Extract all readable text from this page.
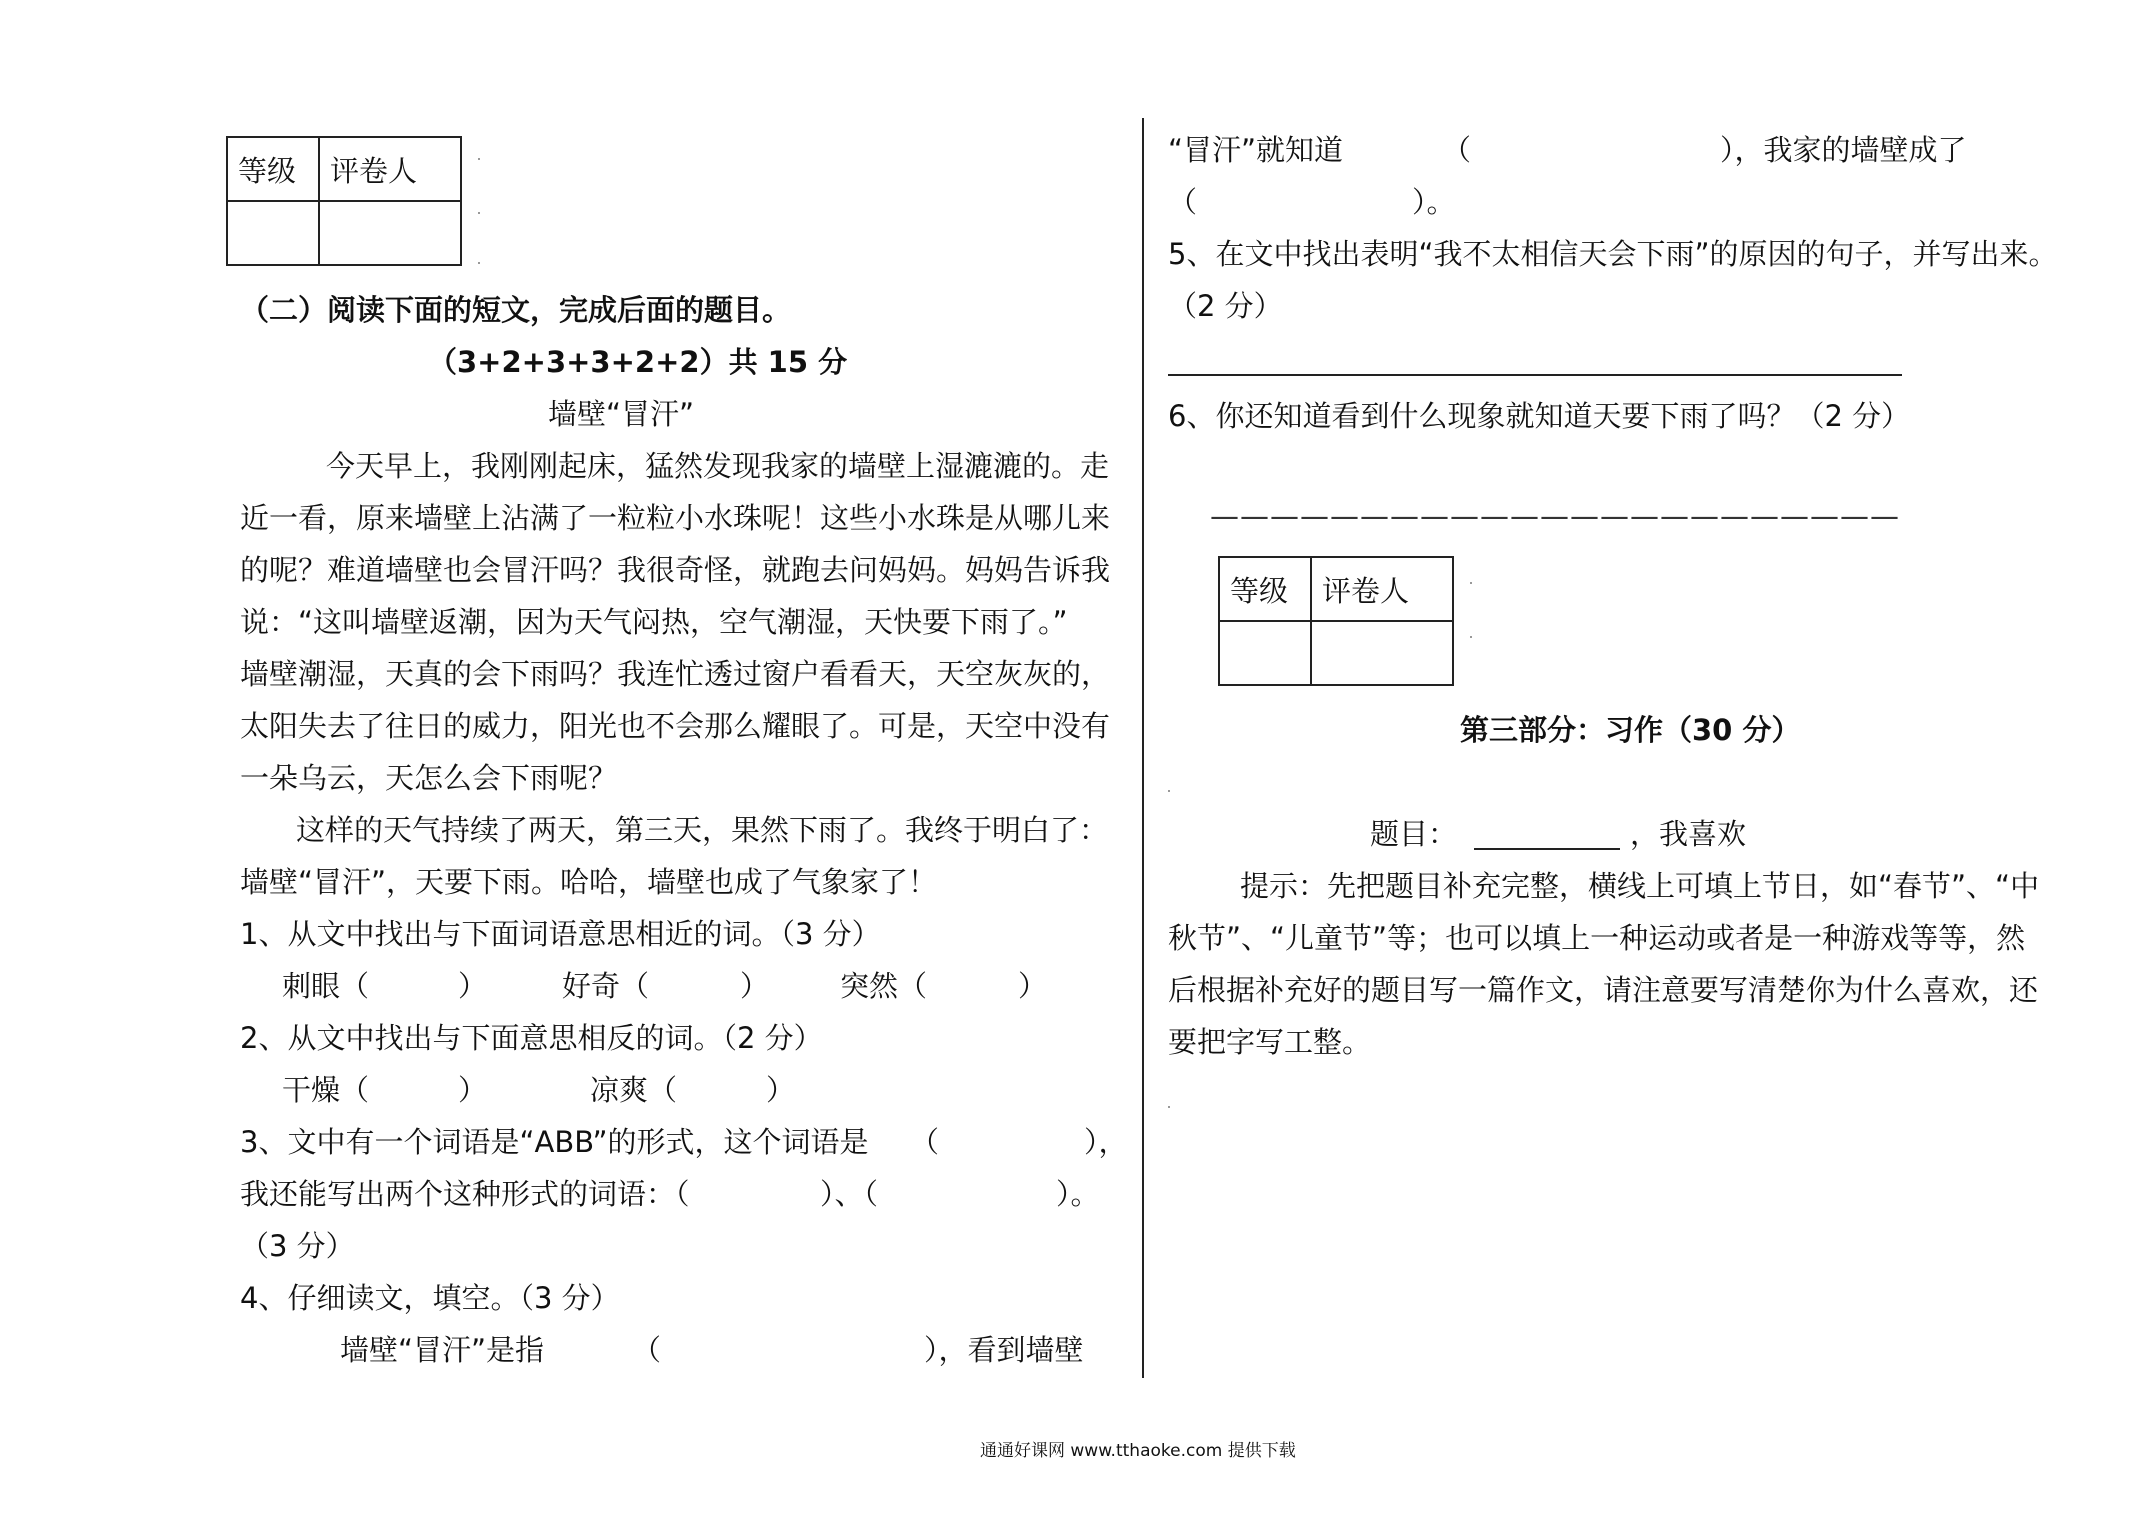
等级	评卷人

（二）阅读下面的短文，完成后面的题目。
（3+2+3+3+2+2）共 15 分
墙壁“冒汗”
今天早上，我刚刚起床，猛然发现我家的墙壁上湿漉漉的。走
近一看，原来墙壁上沾满了一粒粒小水珠呢！这些小水珠是从哪儿来
的呢？难道墙壁也会冒汗吗？我很奇怪，就跑去问妈妈。妈妈告诉我
说：“这叫墙壁返潮，因为天气闷热，空气潮湿，天快要下雨了。”
墙壁潮湿，天真的会下雨吗？我连忙透过窗户看看天，天空灰灰的，
太阳失去了往日的威力，阳光也不会那么耀眼了。可是，天空中没有
一朵乌云，天怎么会下雨呢？
这样的天气持续了两天，第三天，果然下雨了。我终于明白了：
墙壁“冒汗”，天要下雨。哈哈，墙壁也成了气象家了！
1、从文中找出与下面词语意思相近的词。（3 分）
刺眼（	）	好奇（	） 突然（	）
2、从文中找出与下面意思相反的词。（2 分）
干燥（	）	凉爽（	）
3、文中有一个词语是“ABB”的形式，这个词语是 （　　　　　），
我还能写出两个这种形式的词语：（	）、（	）。
（3 分）
4、仔细读文，填空。（3 分）
墙壁“冒汗”是指	（	），看到墙壁
“冒汗”就知道	（	），我家的墙壁成了
（	）。
5、在文中找出表明“我不太相信天会下雨”的原因的句子，并写出来。
（2 分）
6、你还知道看到什么现象就知道天要下雨了吗？（2 分）
———————————————————————
等级	评卷人

第三部分：习作（30 分）
题目：	，我喜欢
提示：先把题目补充完整，横线上可填上节日，如“春节”、“中
秋节”、“儿童节”等；也可以填上一种运动或者是一种游戏等等，然
后根据补充好的题目写一篇作文，请注意要写清楚你为什么喜欢，还
要把字写工整。
通通好课网 www.tthaoke.com 提供下载
